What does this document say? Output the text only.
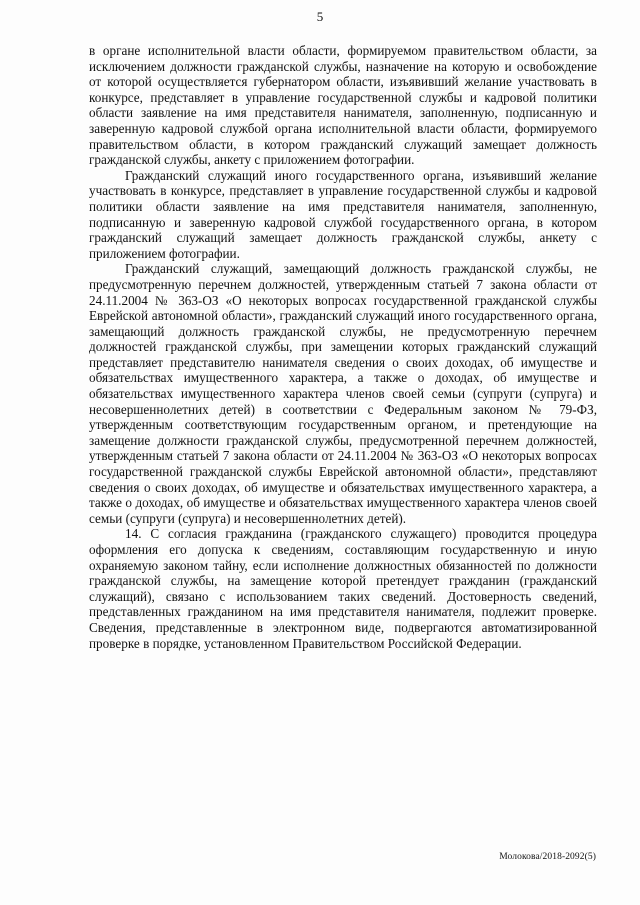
5

в органе исполнительной власти области, формируемом правительством области, за исключением должности гражданской службы, назначение на которую и освобождение от которой осуществляется губернатором области, изъявивший желание участвовать в конкурсе, представляет в управление государственной службы и кадровой политики области заявление на имя представителя нанимателя, заполненную, подписанную и заверенную кадровой службой органа исполнительной власти области, формируемого правительством области, в котором гражданский служащий замещает должность гражданской службы, анкету с приложением фотографии.

Гражданский служащий иного государственного органа, изъявивший желание участвовать в конкурсе, представляет в управление государственной службы и кадровой политики области заявление на имя представителя нанимателя, заполненную, подписанную и заверенную кадровой службой государственного органа, в котором гражданский служащий замещает должность гражданской службы, анкету с приложением фотографии.

Гражданский служащий, замещающий должность гражданской службы, не предусмотренную перечнем должностей, утвержденным статьей 7 закона области от 24.11.2004 № 363-ОЗ «О некоторых вопросах государственной гражданской службы Еврейской автономной области», гражданский служащий иного государственного органа, замещающий должность гражданской службы, не предусмотренную перечнем должностей гражданской службы, при замещении которых гражданский служащий представляет представителю нанимателя сведения о своих доходах, об имуществе и обязательствах имущественного характера, а также о доходах, об имуществе и обязательствах имущественного характера членов своей семьи (супруги (супруга) и несовершеннолетних детей) в соответствии с Федеральным законом № 79-ФЗ, утвержденным соответствующим государственным органом, и претендующие на замещение должности гражданской службы, предусмотренной перечнем должностей, утвержденным статьей 7 закона области от 24.11.2004 № 363-ОЗ «О некоторых вопросах государственной гражданской службы Еврейской автономной области», представляют сведения о своих доходах, об имуществе и обязательствах имущественного характера, а также о доходах, об имуществе и обязательствах имущественного характера членов своей семьи (супруги (супруга) и несовершеннолетних детей).

14. С согласия гражданина (гражданского служащего) проводится процедура оформления его допуска к сведениям, составляющим государственную и иную охраняемую законом тайну, если исполнение должностных обязанностей по должности гражданской службы, на замещение которой претендует гражданин (гражданский служащий), связано с использованием таких сведений. Достоверность сведений, представленных гражданином на имя представителя нанимателя, подлежит проверке. Сведения, представленные в электронном виде, подвергаются автоматизированной проверке в порядке, установленном Правительством Российской Федерации.

Молокова/2018-2092(5)
